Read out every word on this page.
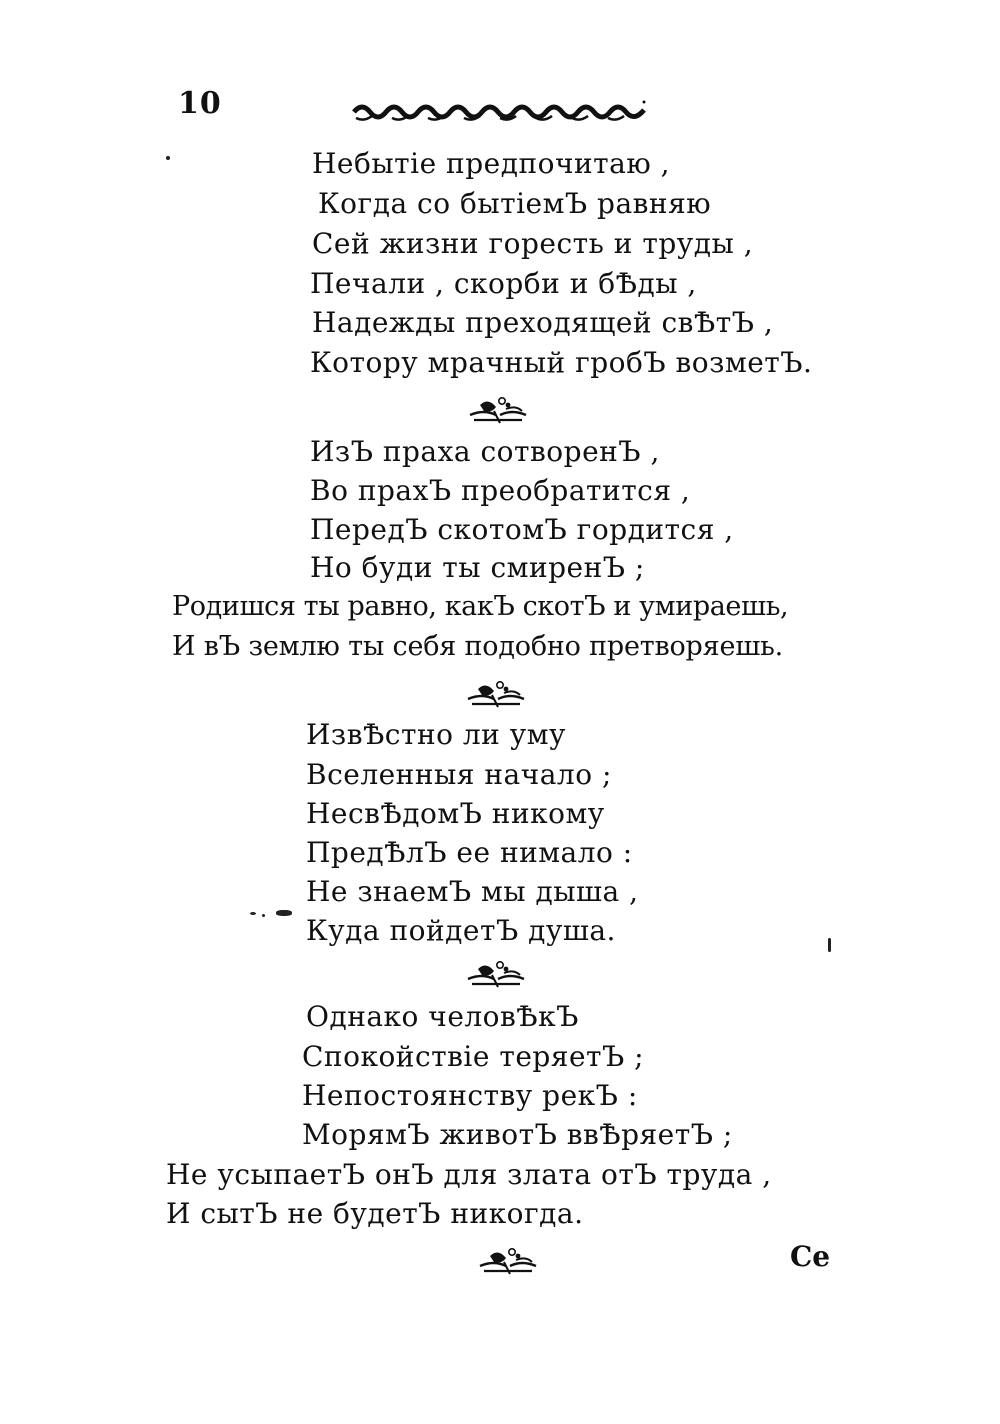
10
Небытіе предпочитаю ,
Когда со бытіемЪ равняю
Сей жизни горесть и труды ,
Печали , скорби и бѢды ,
Надежды преходящей свѢтЪ ,
Котору мрачный гробЪ возметЪ.
ИзЪ праха сотворенЪ ,
Во прахЪ преобратится ,
ПередЪ скотомЪ гордится ,
Но буди ты смиренЪ ;
Родишся ты равно, какЪ скотЪ и умираешь,
И вЪ землю ты себя подобно претворяешь.
ИзвѢстно ли уму
Вселенныя начало ;
НесвѢдомЪ никому
ПредѢлЪ ее нимало :
Не знаемЪ мы дыша ,
Куда пойдетЪ душа.
Однако человѢкЪ
Спокойствіе теряетЪ ;
Непостоянству рекЪ :
МорямЪ животЪ ввѢряетЪ ;
Не усыпаетЪ онЪ для злата отЪ труда ,
И сытЪ не будетЪ никогда.
Се
